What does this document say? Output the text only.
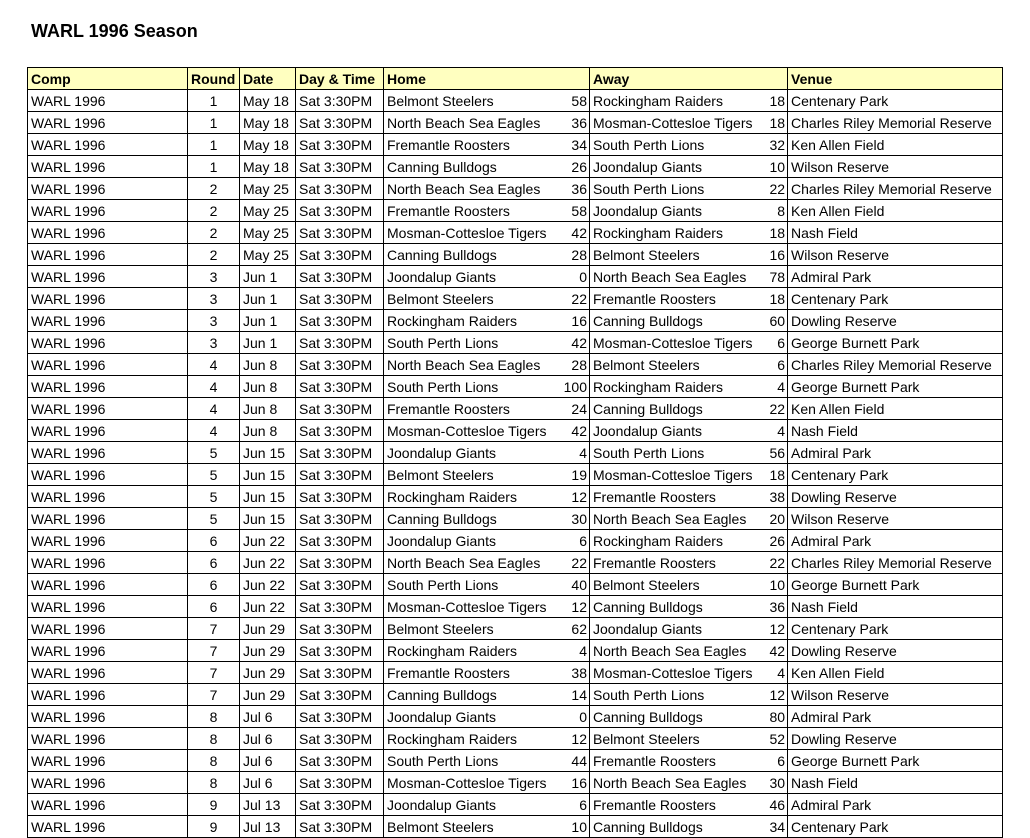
WARL 1996 Season
Comp	Round	Date	Day & Time	Home		Away		Venue
WARL 1996	1	May 18	Sat 3:30PM	Belmont Steelers	58	Rockingham Raiders	18	Centenary Park
WARL 1996	1	May 18	Sat 3:30PM	North Beach Sea Eagles	36	Mosman-Cottesloe Tigers	18	Charles Riley Memorial Reserve
WARL 1996	1	May 18	Sat 3:30PM	Fremantle Roosters	34	South Perth Lions	32	Ken Allen Field
WARL 1996	1	May 18	Sat 3:30PM	Canning Bulldogs	26	Joondalup Giants	10	Wilson Reserve
WARL 1996	2	May 25	Sat 3:30PM	North Beach Sea Eagles	36	South Perth Lions	22	Charles Riley Memorial Reserve
WARL 1996	2	May 25	Sat 3:30PM	Fremantle Roosters	58	Joondalup Giants	8	Ken Allen Field
WARL 1996	2	May 25	Sat 3:30PM	Mosman-Cottesloe Tigers	42	Rockingham Raiders	18	Nash Field
WARL 1996	2	May 25	Sat 3:30PM	Canning Bulldogs	28	Belmont Steelers	16	Wilson Reserve
WARL 1996	3	Jun 1	Sat 3:30PM	Joondalup Giants	0	North Beach Sea Eagles	78	Admiral Park
WARL 1996	3	Jun 1	Sat 3:30PM	Belmont Steelers	22	Fremantle Roosters	18	Centenary Park
WARL 1996	3	Jun 1	Sat 3:30PM	Rockingham Raiders	16	Canning Bulldogs	60	Dowling Reserve
WARL 1996	3	Jun 1	Sat 3:30PM	South Perth Lions	42	Mosman-Cottesloe Tigers	6	George Burnett Park
WARL 1996	4	Jun 8	Sat 3:30PM	North Beach Sea Eagles	28	Belmont Steelers	6	Charles Riley Memorial Reserve
WARL 1996	4	Jun 8	Sat 3:30PM	South Perth Lions	100	Rockingham Raiders	4	George Burnett Park
WARL 1996	4	Jun 8	Sat 3:30PM	Fremantle Roosters	24	Canning Bulldogs	22	Ken Allen Field
WARL 1996	4	Jun 8	Sat 3:30PM	Mosman-Cottesloe Tigers	42	Joondalup Giants	4	Nash Field
WARL 1996	5	Jun 15	Sat 3:30PM	Joondalup Giants	4	South Perth Lions	56	Admiral Park
WARL 1996	5	Jun 15	Sat 3:30PM	Belmont Steelers	19	Mosman-Cottesloe Tigers	18	Centenary Park
WARL 1996	5	Jun 15	Sat 3:30PM	Rockingham Raiders	12	Fremantle Roosters	38	Dowling Reserve
WARL 1996	5	Jun 15	Sat 3:30PM	Canning Bulldogs	30	North Beach Sea Eagles	20	Wilson Reserve
WARL 1996	6	Jun 22	Sat 3:30PM	Joondalup Giants	6	Rockingham Raiders	26	Admiral Park
WARL 1996	6	Jun 22	Sat 3:30PM	North Beach Sea Eagles	22	Fremantle Roosters	22	Charles Riley Memorial Reserve
WARL 1996	6	Jun 22	Sat 3:30PM	South Perth Lions	40	Belmont Steelers	10	George Burnett Park
WARL 1996	6	Jun 22	Sat 3:30PM	Mosman-Cottesloe Tigers	12	Canning Bulldogs	36	Nash Field
WARL 1996	7	Jun 29	Sat 3:30PM	Belmont Steelers	62	Joondalup Giants	12	Centenary Park
WARL 1996	7	Jun 29	Sat 3:30PM	Rockingham Raiders	4	North Beach Sea Eagles	42	Dowling Reserve
WARL 1996	7	Jun 29	Sat 3:30PM	Fremantle Roosters	38	Mosman-Cottesloe Tigers	4	Ken Allen Field
WARL 1996	7	Jun 29	Sat 3:30PM	Canning Bulldogs	14	South Perth Lions	12	Wilson Reserve
WARL 1996	8	Jul 6	Sat 3:30PM	Joondalup Giants	0	Canning Bulldogs	80	Admiral Park
WARL 1996	8	Jul 6	Sat 3:30PM	Rockingham Raiders	12	Belmont Steelers	52	Dowling Reserve
WARL 1996	8	Jul 6	Sat 3:30PM	South Perth Lions	44	Fremantle Roosters	6	George Burnett Park
WARL 1996	8	Jul 6	Sat 3:30PM	Mosman-Cottesloe Tigers	16	North Beach Sea Eagles	30	Nash Field
WARL 1996	9	Jul 13	Sat 3:30PM	Joondalup Giants	6	Fremantle Roosters	46	Admiral Park
WARL 1996	9	Jul 13	Sat 3:30PM	Belmont Steelers	10	Canning Bulldogs	34	Centenary Park
